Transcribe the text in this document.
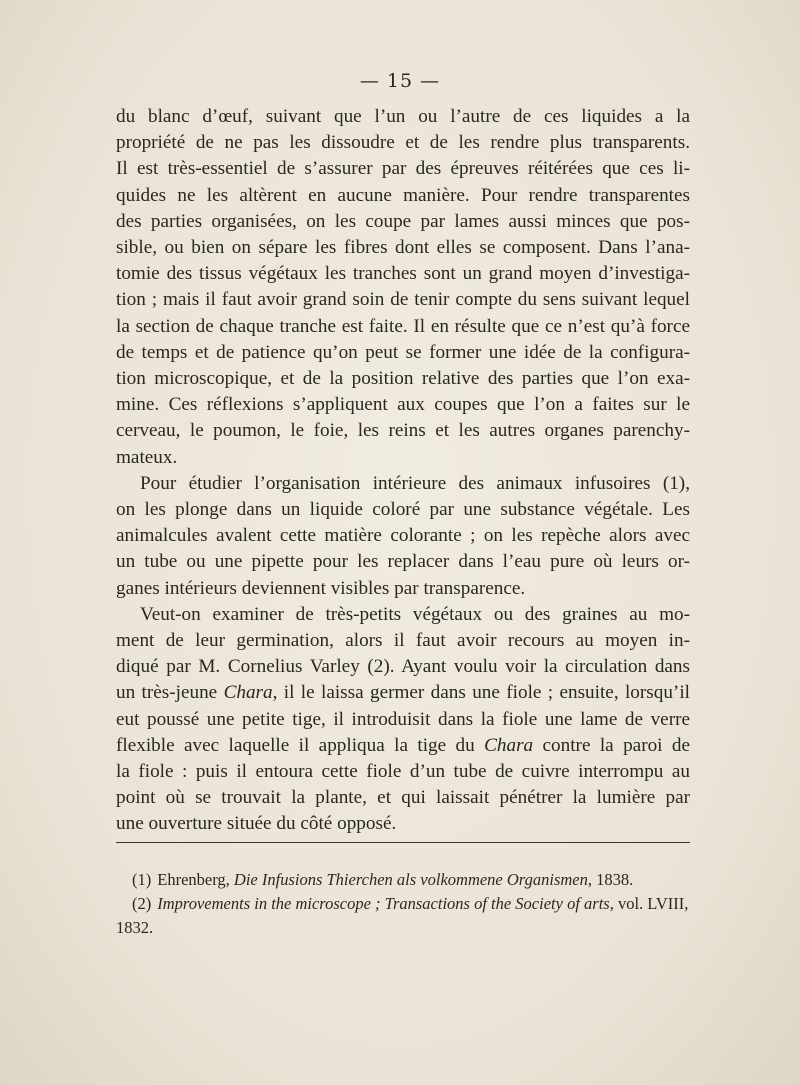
— 15 —

du blanc d’œuf, suivant que l’un ou l’autre de ces liquides a la
propriété de ne pas les dissoudre et de les rendre plus transparents.
Il est très-essentiel de s’assurer par des épreuves réitérées que ces li-
quides ne les altèrent en aucune manière. Pour rendre transparentes
des parties organisées, on les coupe par lames aussi minces que pos-
sible, ou bien on sépare les fibres dont elles se composent. Dans l’ana-
tomie des tissus végétaux les tranches sont un grand moyen d’investiga-
tion ; mais il faut avoir grand soin de tenir compte du sens suivant lequel
la section de chaque tranche est faite. Il en résulte que ce n’est qu’à force
de temps et de patience qu’on peut se former une idée de la configura-
tion microscopique, et de la position relative des parties que l’on exa-
mine. Ces réflexions s’appliquent aux coupes que l’on a faites sur le
cerveau, le poumon, le foie, les reins et les autres organes parenchy-
mateux.

Pour étudier l’organisation intérieure des animaux infusoires (1),
on les plonge dans un liquide coloré par une substance végétale. Les
animalcules avalent cette matière colorante ; on les repèche alors avec
un tube ou une pipette pour les replacer dans l’eau pure où leurs or-
ganes intérieurs deviennent visibles par transparence.

Veut-on examiner de très-petits végétaux ou des graines au mo-
ment de leur germination, alors il faut avoir recours au moyen in-
diqué par M. Cornelius Varley (2). Ayant voulu voir la circulation dans
un très-jeune Chara, il le laissa germer dans une fiole ; ensuite, lorsqu’il
eut poussé une petite tige, il introduisit dans la fiole une lame de verre
flexible avec laquelle il appliqua la tige du Chara contre la paroi de
la fiole : puis il entoura cette fiole d’un tube de cuivre interrompu au
point où se trouvait la plante, et qui laissait pénétrer la lumière par
une ouverture située du côté opposé.

(1) Ehrenberg, Die Infusions Thierchen als volkommene Organismen, 1838.
(2) Improvements in the microscope ; Transactions of the Society of arts, vol. LVIII,
1832.
